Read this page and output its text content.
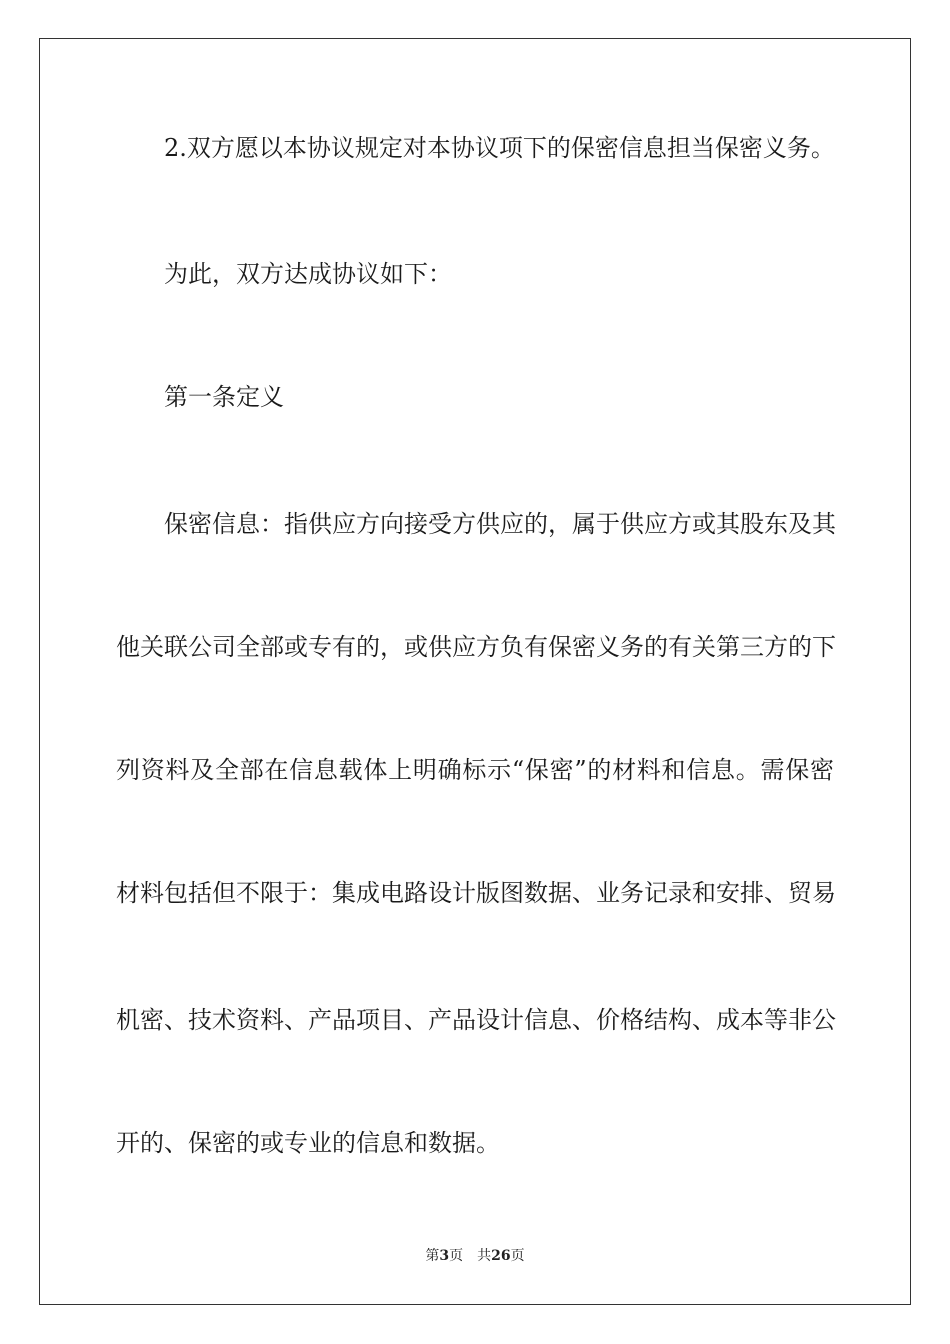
2.双方愿以本协议规定对本协议项下的保密信息担当保密义务。
为此，双方达成协议如下：
第一条定义
保密信息：指供应方向接受方供应的，属于供应方或其股东及其
他关联公司全部或专有的，或供应方负有保密义务的有关第三方的下
列资料及全部在信息载体上明确标示“保密”的材料和信息。需保密
材料包括但不限于：集成电路设计版图数据、业务记录和安排、贸易
机密、技术资料、产品项目、产品设计信息、价格结构、成本等非公
开的、保密的或专业的信息和数据。
第3页 共26页
